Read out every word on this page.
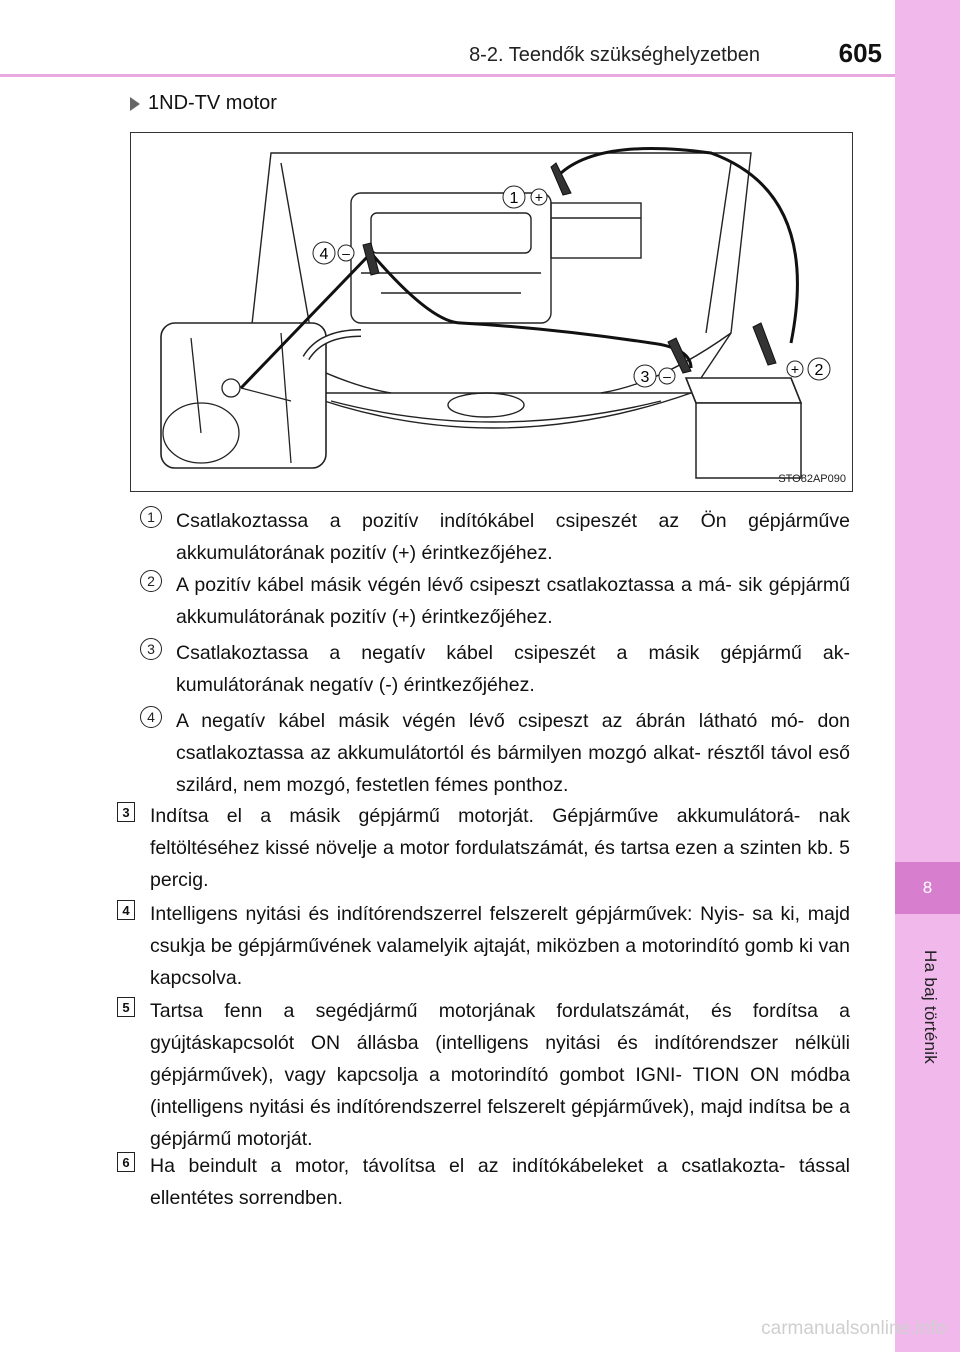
8-2. Teendők szükséghelyzetben	605
8
Ha baj történik
1ND-TV motor
1
2
3
4
+
+
–
–
STO82AP090
1	Csatlakoztassa a pozitív indítókábel csipeszét az Ön gépjárműve akkumulátorának pozitív (+) érintkezőjéhez.
2	A pozitív kábel másik végén lévő csipeszt csatlakoztassa a má- sik gépjármű akkumulátorának pozitív (+) érintkezőjéhez.
3	Csatlakoztassa a negatív kábel csipeszét a másik gépjármű ak- kumulátorának negatív (-) érintkezőjéhez.
4	A negatív kábel másik végén lévő csipeszt az ábrán látható mó- don csatlakoztassa az akkumulátortól és bármilyen mozgó alkat- résztől távol eső szilárd, nem mozgó, festetlen fémes ponthoz.
3 Indítsa el a másik gépjármű motorját. Gépjárműve akkumulátorá- nak feltöltéséhez kissé növelje a motor fordulatszámát, és tartsa ezen a szinten kb. 5 percig.
4 Intelligens nyitási és indítórendszerrel felszerelt gépjárművek: Nyis- sa ki, majd csukja be gépjárművének valamelyik ajtaját, miközben a motorindító gomb ki van kapcsolva.
5 Tartsa fenn a segédjármű motorjának fordulatszámát, és fordítsa a gyújtáskapcsolót ON állásba (intelligens nyitási és indítórendszer nélküli gépjárművek), vagy kapcsolja a motorindító gombot IGNI- TION ON módba (intelligens nyitási és indítórendszerrel felszerelt gépjárművek), majd indítsa be a gépjármű motorját.
6 Ha beindult a motor, távolítsa el az indítókábeleket a csatlakozta- tással ellentétes sorrendben.
carmanualsonline.info
